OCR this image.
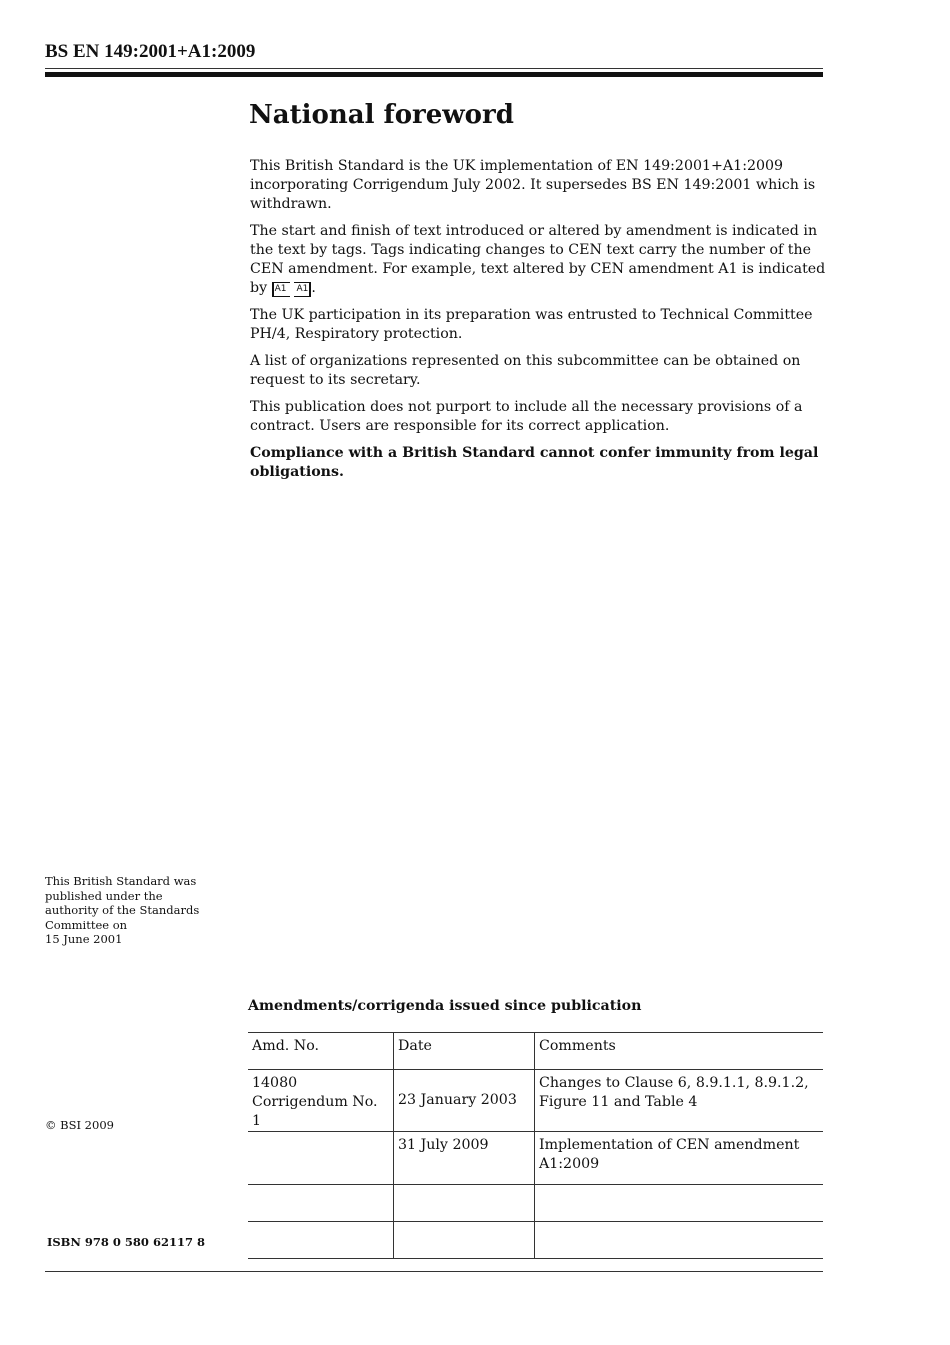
BS EN 149:2001+A1:2009
National foreword

This British Standard is the UK implementation of EN 149:2001+A1:2009 incorporating Corrigendum July 2002. It supersedes BS EN 149:2001 which is withdrawn.

The start and finish of text introduced or altered by amendment is indicated in the text by tags. Tags indicating changes to CEN text carry the number of the CEN amendment. For example, text altered by CEN amendment A1 is indicated by A1 A1 .

The UK participation in its preparation was entrusted to Technical Committee PH/4, Respiratory protection.

A list of organizations represented on this subcommittee can be obtained on request to its secretary.

This publication does not purport to include all the necessary provisions of a contract. Users are responsible for its correct application.

Compliance with a British Standard cannot confer immunity from legal obligations.

This British Standard was
published under the
authority of the Standards
Committee on
15 June 2001
© BSI 2009
ISBN 978 0 580 62117 8
Amendments/corrigenda issued since publication
Amd. No.	Date	Comments

14080
Corrigendum No. 1	23 January 2003	Changes to Clause 6, 8.9.1.1, 8.9.1.2, Figure 11 and Table 4
	31 July 2009	Implementation of CEN amendment A1:2009
